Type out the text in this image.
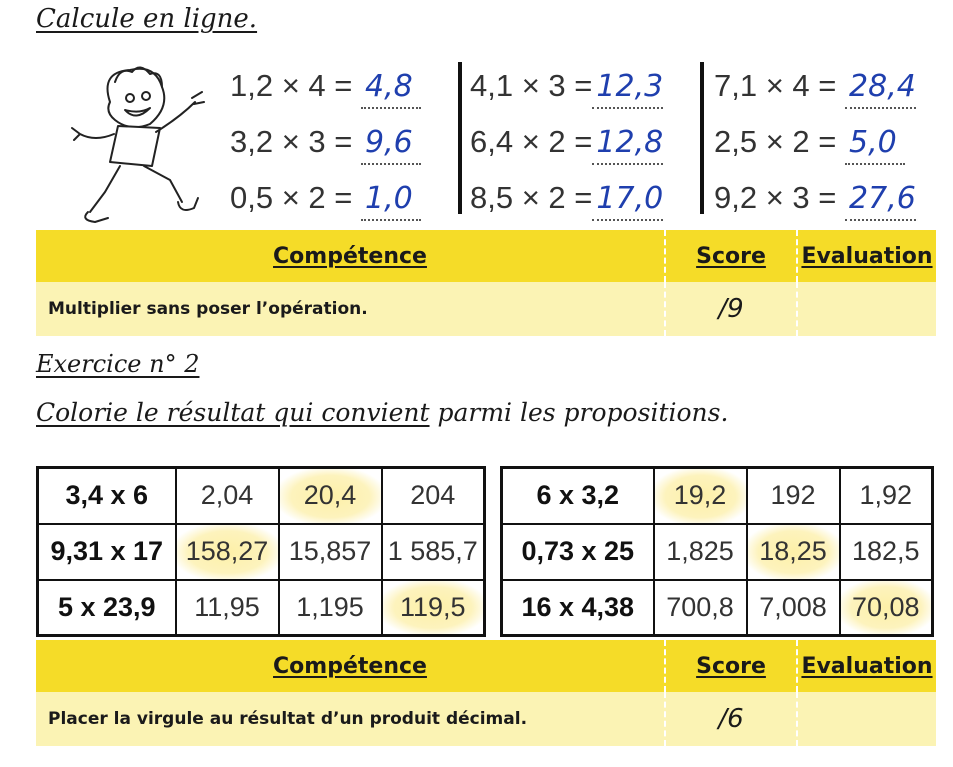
Calcule en ligne.
1,2 × 4 = 4,8
3,2 × 3 = 9,6
0,5 × 2 = 1,0
4,1 × 3 = 12,3
6,4 × 2 = 12,8
8,5 × 2 = 17,0
7,1 × 4 = 28,4
2,5 × 2 = 5,0
9,2 × 3 = 27,6
Compétence	Score Evaluation
Multiplier sans poser l’opération.	/9
Exercice n° 2
Colorie le résultat qui convient parmi les propositions.
3,4 x 6	2,04	20,4	204
9,31 x 17	158,27	15,857	1 585,7
5 x 23,9	11,95	1,195	119,5
6 x 3,2	19,2	192	1,92
0,73 x 25	1,825	18,25	182,5
16 x 4,38	700,8	7,008	70,08
Compétence	Score Evaluation
Placer la virgule au résultat d’un produit décimal.	/6
